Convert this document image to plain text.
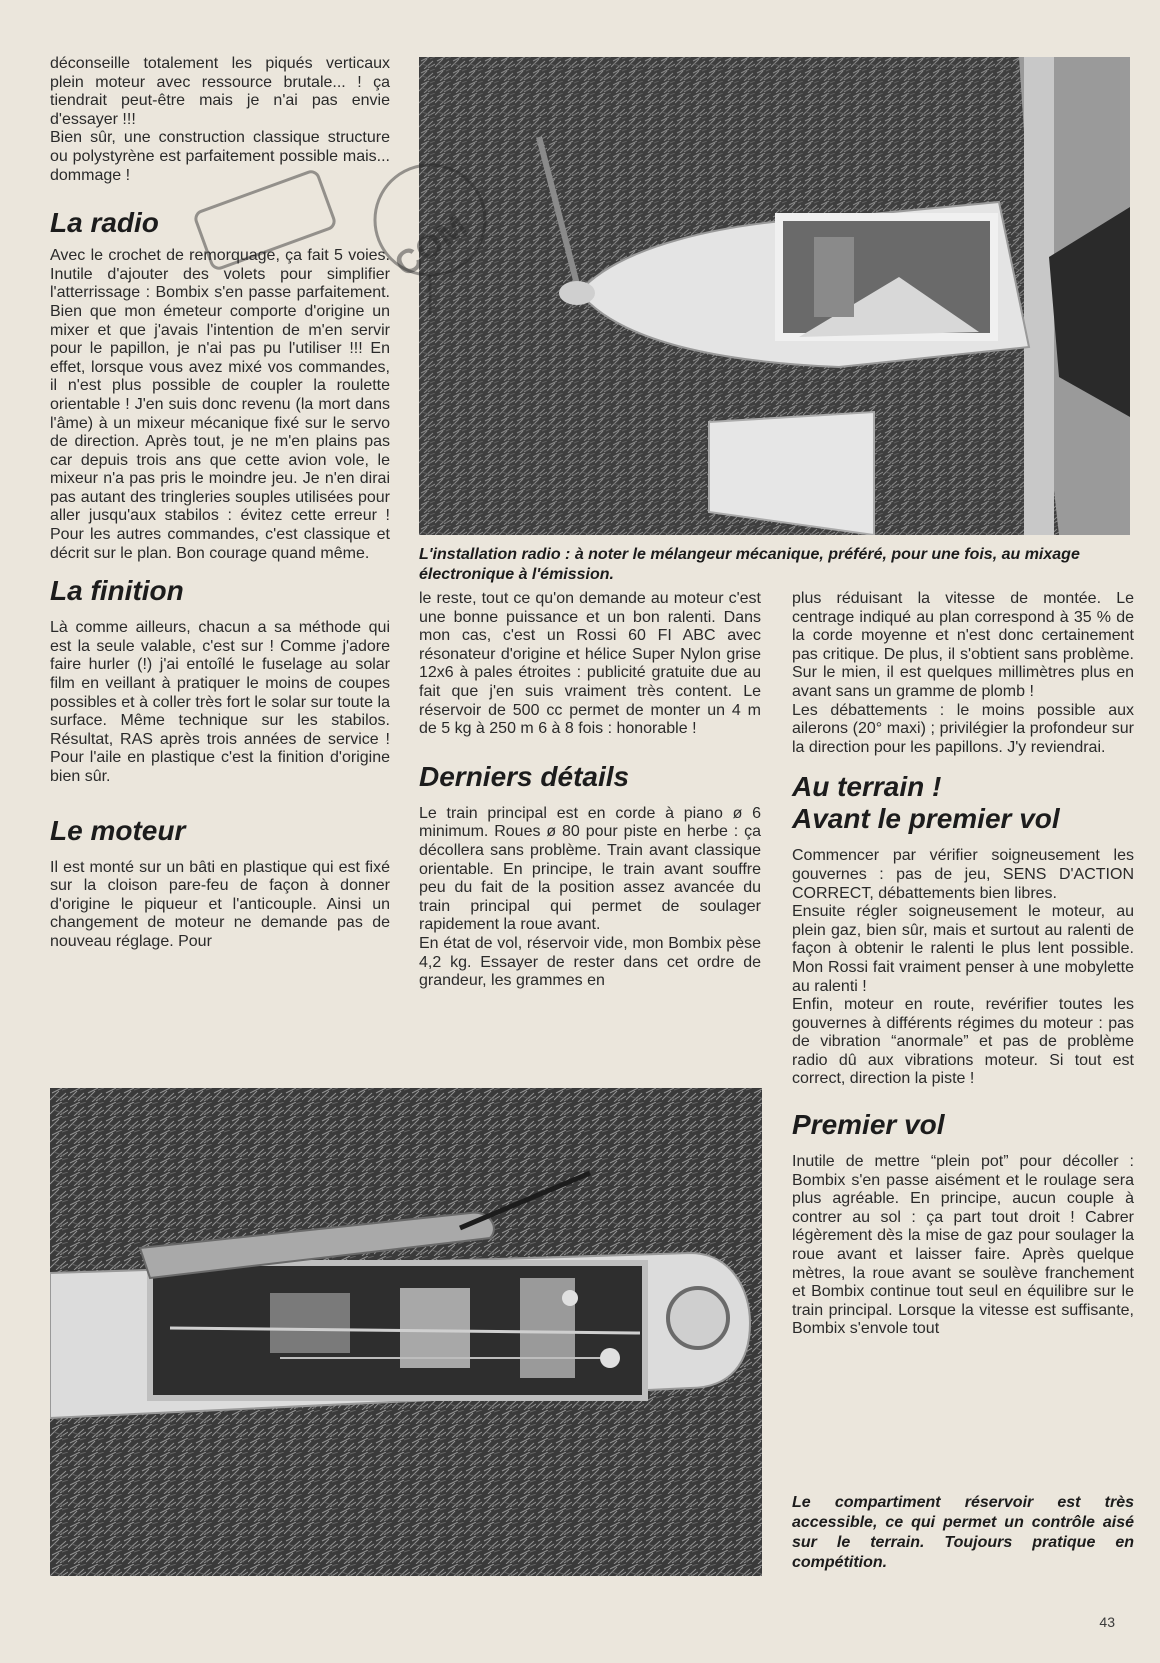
déconseille totalement les piqués verticaux plein moteur avec ressource brutale... ! ça tiendrait peut-être mais je n'ai pas envie d'essayer !!!

Bien sûr, une construction classique structure ou polystyrène est parfaitement possible mais... dommage !

La radio

Avec le crochet de remorquage, ça fait 5 voies. Inutile d'ajouter des volets pour simplifier l'atterrissage : Bombix s'en passe parfaitement. Bien que mon émeteur comporte d'origine un mixer et que j'avais l'intention de m'en servir pour le papillon, je n'ai pas pu l'utiliser !!! En effet, lorsque vous avez mixé vos commandes, il n'est plus possible de coupler la roulette orientable ! J'en suis donc revenu (la mort dans l'âme) à un mixeur mécanique fixé sur le servo de direction. Après tout, je ne m'en plains pas car depuis trois ans que cette avion vole, le mixeur n'a pas pris le moindre jeu. Je n'en dirai pas autant des tringleries souples utilisées pour aller jusqu'aux stabilos : évitez cette erreur ! Pour les autres commandes, c'est classique et décrit sur le plan. Bon courage quand même.

La finition

Là comme ailleurs, chacun a sa méthode qui est la seule valable, c'est sur ! Comme j'adore faire hurler (!) j'ai entoîlé le fuselage au solar film en veillant à pratiquer le moins de coupes possibles et à coller très fort le solar sur toute la surface. Même technique sur les stabilos. Résultat, RAS après trois années de service ! Pour l'aile en plastique c'est la finition d'origine bien sûr.

Le moteur

Il est monté sur un bâti en plastique qui est fixé sur la cloison pare-feu de façon à donner d'origine le piqueur et l'anticouple. Ainsi un changement de moteur ne demande pas de nouveau réglage. Pour

L'installation radio : à noter le mélangeur mécanique, préféré, pour une fois, au mixage électronique à l'émission.

le reste, tout ce qu'on demande au moteur c'est une bonne puissance et un bon ralenti. Dans mon cas, c'est un Rossi 60 FI ABC avec résonateur d'origine et hélice Super Nylon grise 12x6 à pales étroites : publicité gratuite due au fait que j'en suis vraiment très content. Le réservoir de 500 cc permet de monter un 4 m de 5 kg à 250 m 6 à 8 fois : honorable !

Derniers détails

Le train principal est en corde à piano ø 6 minimum. Roues ø 80 pour piste en herbe : ça décollera sans problème. Train avant classique orientable. En principe, le train avant souffre peu du fait de la position assez avancée du train principal qui permet de soulager rapidement la roue avant.

En état de vol, réservoir vide, mon Bombix pèse 4,2 kg. Essayer de rester dans cet ordre de grandeur, les grammes en

plus réduisant la vitesse de montée. Le centrage indiqué au plan correspond à 35 % de la corde moyenne et n'est donc certainement pas critique. De plus, il s'obtient sans problème. Sur le mien, il est quelques millimètres plus en avant sans un gramme de plomb !

Les débattements : le moins possible aux ailerons (20° maxi) ; privilégier la profondeur sur la direction pour les papillons. J'y reviendrai.

Au terrain !
Avant le premier vol

Commencer par vérifier soigneusement les gouvernes : pas de jeu, SENS D'ACTION CORRECT, débattements bien libres.

Ensuite régler soigneusement le moteur, au plein gaz, bien sûr, mais et surtout au ralenti de façon à obtenir le ralenti le plus lent possible. Mon Rossi fait vraiment penser à une mobylette au ralenti !

Enfin, moteur en route, revérifier toutes les gouvernes à différents régimes du moteur : pas de vibration “anormale” et pas de problème radio dû aux vibrations moteur. Si tout est correct, direction la piste !

Premier vol

Inutile de mettre “plein pot” pour décoller : Bombix s'en passe aisément et le roulage sera plus agréable. En principe, aucun couple à contrer au sol : ça part tout droit ! Cabrer légèrement dès la mise de gaz pour soulager la roue avant et laisser faire. Après quelque mètres, la roue avant se soulève franchement et Bombix continue tout seul en équilibre sur le train principal. Lorsque la vitesse est suffisante, Bombix s'envole tout

Le compartiment réservoir est très accessible, ce qui permet un contrôle aisé sur le terrain. Toujours pratique en compétition.
COM
43
